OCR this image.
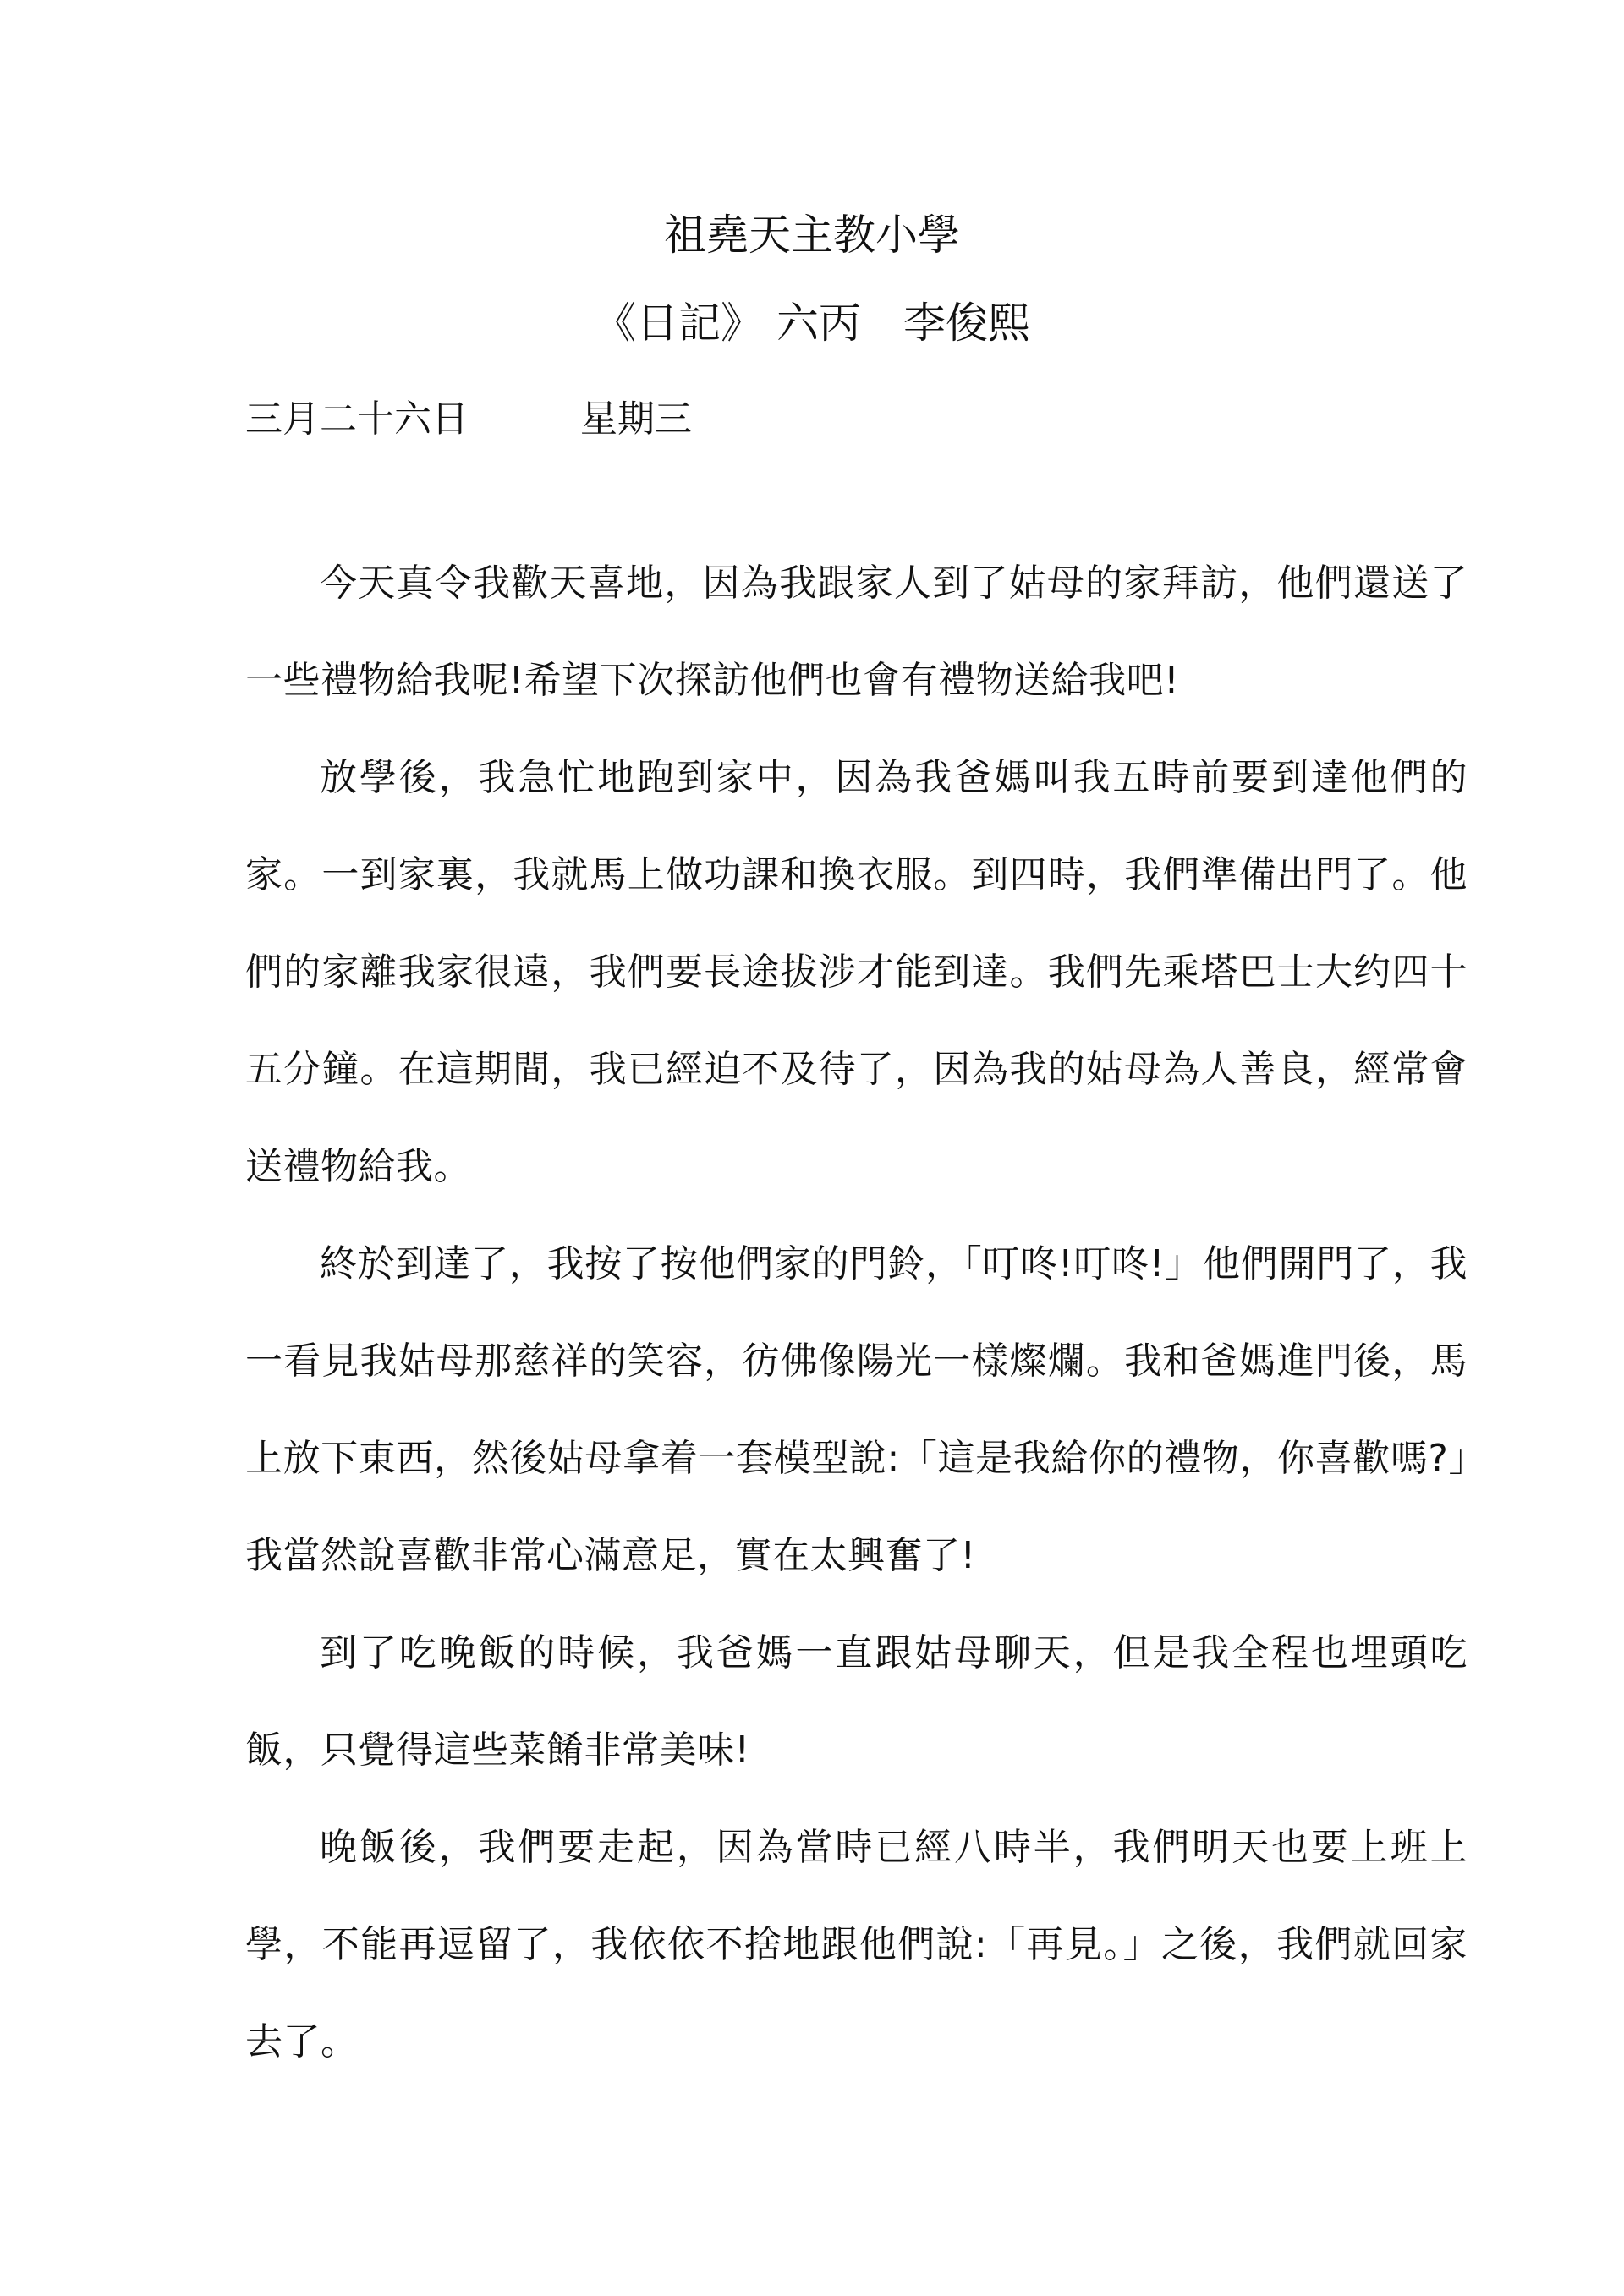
祖堯天主教小學
《日記》 六丙　李俊熙
三月二十六日	星期三

今天真令我歡天喜地，因為我跟家人到了姑母的家拜訪，他們還送了一些禮物給我呢!希望下次探訪他們也會有禮物送給我吧!

放學後，我急忙地跑到家中，因為我爸媽叫我五時前要到達他們的家。一到家裏，我就馬上做功課和換衣服。到四時，我們準備出門了。他們的家離我家很遠，我們要長途拔涉才能到達。我們先乘塔巴士大约四十五分鐘。在這期間，我已經迫不及待了，因為我的姑母為人善良，經常會送禮物給我。

終於到達了，我按了按他們家的門鈴，「叮咚!叮咚!」他們開門了，我一看見我姑母那慈祥的笑容，彷佛像陽光一樣燦爛。我和爸媽進門後，馬上放下東西，然後姑母拿着一套模型說:「這是我給你的禮物，你喜歡嗎?」我當然說喜歡非常心滿意足，實在太興奮了!

到了吃晚飯的時候，我爸媽一直跟姑母聊天，但是我全程也埋頭吃飯，只覺得這些菜餚非常美味!

晚飯後，我們要走起，因為當時已經八時半，我們明天也要上班上學，不能再逗留了，我依依不捨地跟他們說:「再見。」之後，我們就回家去了。
